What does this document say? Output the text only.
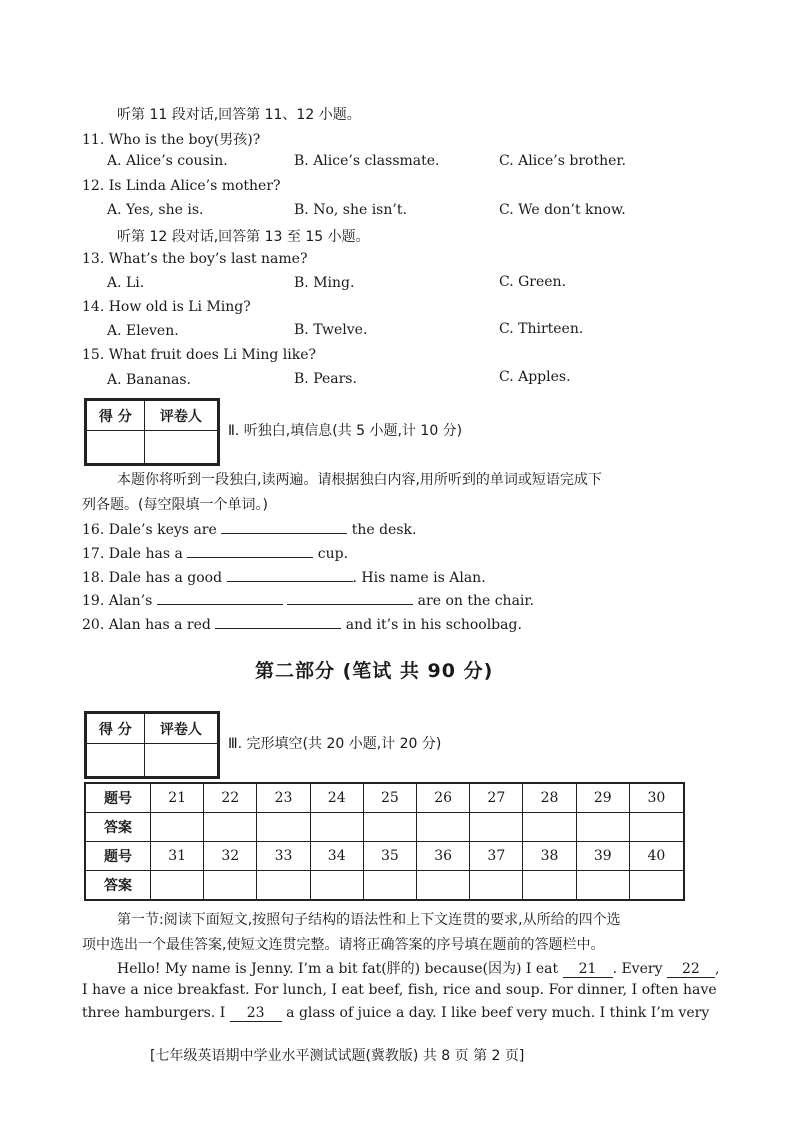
听第 11 段对话,回答第 11、12 小题。
11. Who is the boy(男孩)?
A. Alice’s cousin.	B. Alice’s classmate.	C. Alice’s brother.
12. Is Linda Alice’s mother?
A. Yes, she is.	B. No, she isn’t.	C. We don’t know.
听第 12 段对话,回答第 13 至 15 小题。
13. What’s the boy’s last name?
A. Li.	B. Ming.	C. Green.
14. How old is Li Ming?
A. Eleven.	B. Twelve.	C. Thirteen.
15. What fruit does Li Ming like?
A. Bananas.	B. Pears.	C. Apples.
得 分	评卷人

Ⅱ. 听独白,填信息(共 5 小题,计 10 分)
本题你将听到一段独白,读两遍。请根据独白内容,用所听到的单词或短语完成下
列各题。(每空限填一个单词。)
16. Dale’s keys are	the desk.
17. Dale has a	cup.
18. Dale has a good	. His name is Alan.
19. Alan’s	are on the chair.
20. Alan has a red	and it’s in his schoolbag.
第二部分 (笔试 共 90 分)
得 分	评卷人

Ⅲ. 完形填空(共 20 小题,计 20 分)
题号	21	22	23	24	25	26	27	28	29	30
答案										
题号	31	32	33	34	35	36	37	38	39	40
答案										
第一节:阅读下面短文,按照句子结构的语法性和上下文连贯的要求,从所给的四个选
项中选出一个最佳答案,使短文连贯完整。请将正确答案的序号填在题前的答题栏中。
Hello! My name is Jenny. I’m a bit fat(胖的) because(因为) I eat 21 . Every 22 ,
I have a nice breakfast. For lunch, I eat beef, fish, rice and soup. For dinner, I often have
three hamburgers. I 23 a glass of juice a day. I like beef very much. I think I’m very
[七年级英语期中学业水平测试试题(冀教版) 共 8 页 第 2 页]
